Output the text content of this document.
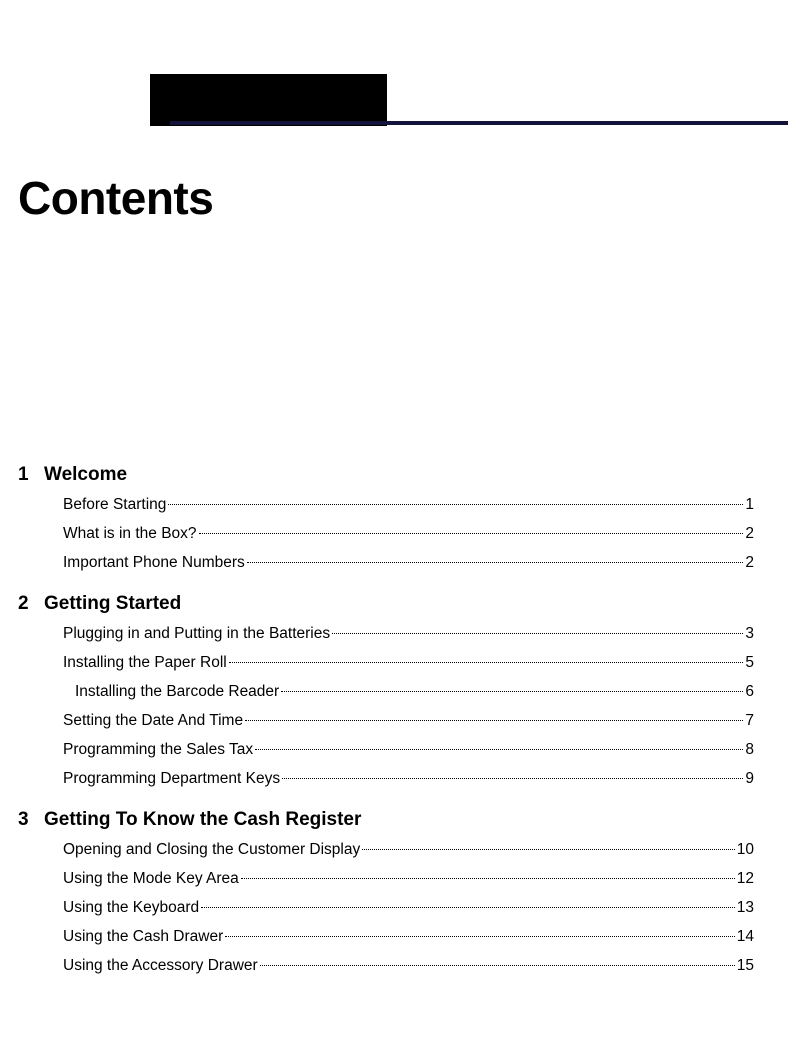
Contents
1 Welcome
Before Starting	1
What is in the Box?	2
Important Phone Numbers	2
2 Getting Started
Plugging in and Putting in the Batteries	3
Installing the Paper Roll	5
Installing the Barcode Reader	6
Setting the Date And Time	7
Programming the Sales Tax	8
Programming Department Keys	9
3 Getting To Know the Cash Register
Opening and Closing the Customer Display	10
Using the Mode Key Area	12
Using the Keyboard	13
Using the Cash Drawer	14
Using the Accessory Drawer	15
